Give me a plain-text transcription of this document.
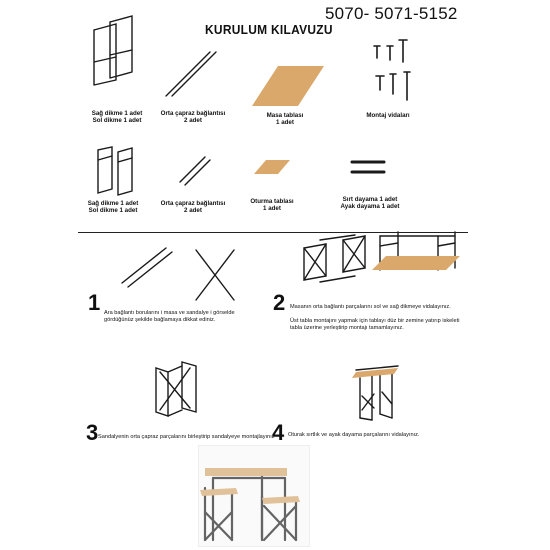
KURULUM KILAVUZU
5070- 5071-5152
Sağ dikme 1 adet
Sol dikme 1 adet
Orta çapraz bağlantısı
2 adet
Masa tablası
1 adet
Montaj vidaları
Sağ dikme 1 adet
Sol dikme 1 adet
Orta çapraz bağlantısı
2 adet
Oturma tablası
1 adet
Sırt dayama 1 adet
Ayak dayama 1 adet
1 Ara bağlantı borularını i masa ve sandalye i görselde
gördüğünüz şekilde bağlamaya dikkat ediniz.
2 Masanın orta bağlantı parçalarını sol ve sağ dikmeye vidalayınız.

Üst tabla montajını yapmak için tablayı düz bir zemine yatırıp iskeleti
tabla üzerine yerleştirip montajı tamamlayınız.
3 Sandalyenin orta çapraz parçalarını birleştirip sandalyeye montajlayınız
4 Oturak sırtlık ve ayak dayama parçalarını vidalayınız.
